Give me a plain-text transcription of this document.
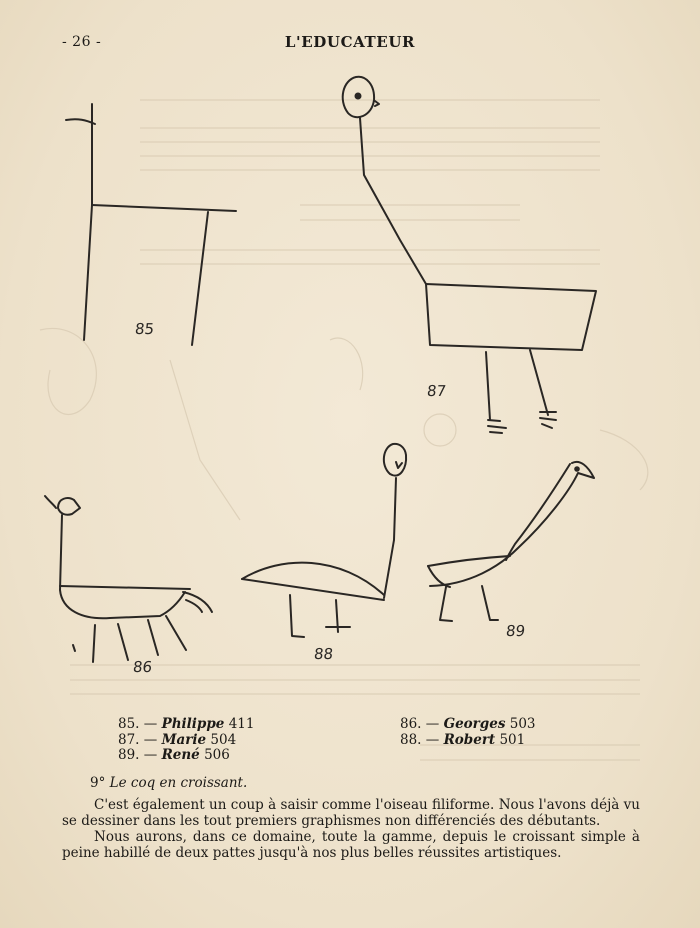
- 26 -	L'EDUCATEUR
85
87
86
88
89
85. — Philippe 411
87. — Marie 504
89. — René 506
86. — Georges 503
88. — Robert 501
9° Le coq en croissant.

C'est également un coup à saisir comme l'oiseau filiforme. Nous l'avons déjà vu se dessiner dans les tout premiers graphismes non différenciés des débutants.

Nous aurons, dans ce domaine, toute la gamme, depuis le croissant simple à peine habillé de deux pattes jusqu'à nos plus belles réussites artistiques.
